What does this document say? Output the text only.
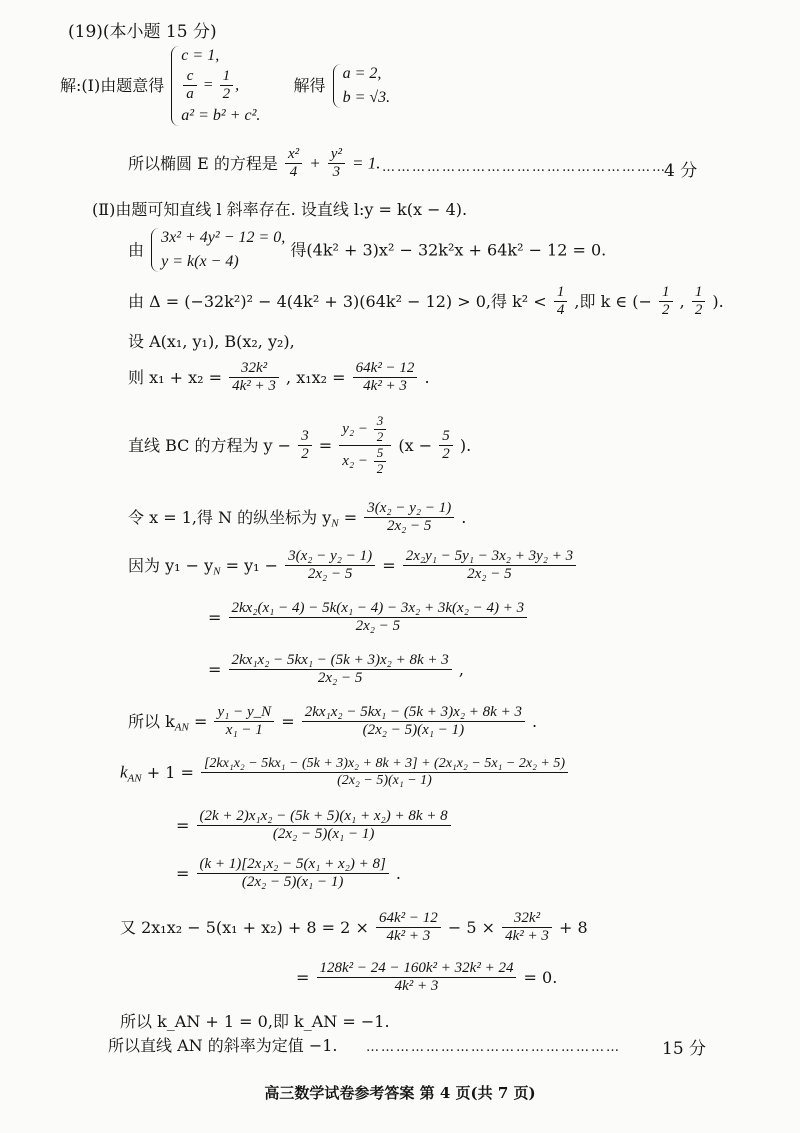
(19)(本小题 15 分)
解:(Ⅰ)由题意得
c = 1,
$\frac{c}{a} = \frac{1}{2}$ ,
a² = b² + c².
解得
a = 2,
b = √3.
所以椭圆 E 的方程是 $\frac{\text{x²}}{4} + \frac{\text{y²}}{3} = 1$. …………………………………………………
4 分
(Ⅱ)由题可知直线 l 斜率存在. 设直线 l:y = k(x − 4).
由
3x² + 4y² − 12 = 0,
y = k(x − 4)
得(4k² + 3)x² − 32k²x + 64k² − 12 = 0.
由 Δ = (−32k²)² − 4(4k² + 3)(64k² − 12) > 0,得 $k^2 < \frac{1}{4}$ ,即 k ∈ (− $\frac{1}{2}$ , $\frac{1}{2}$ ).
设 A(x₁, y₁), B(x₂, y₂),
则 $x_1 + x_2 = \frac{\text{32k²}}{\text{4k² + 3}}$ , $x_1x_2 = \frac{\text{64k² − 12}}{\text{4k² + 3}}$ .
直线 BC 的方程为 $y - \frac{3}{2} = \frac{y_2 - \frac{3}{2}}{x_2 - \frac{5}{2}} (x - \frac{5}{2}$ ).
令 x = 1,得 N 的纵坐标为 $y_N = \frac{\text{3(x₂ − y₂ − 1)}}{\text{2x₂ − 5}}$ .
因为 $y_1 - y_N = y_1 - \frac{\text{3(x₂ − y₂ − 1)}}{\text{2x₂ − 5}} = \frac{\text{2x₂y₁ − 5y₁ − 3x₂ + 3y₂ + 3}}{\text{2x₂ − 5}}$
= $\frac{\text{2kx₂(x₁ − 4) − 5k(x₁ − 4) − 3x₂ + 3k(x₂ − 4) + 3}}{\text{2x₂ − 5}}$
= $\frac{\text{2kx₁x₂ − 5kx₁ − (5k + 3)x₂ + 8k + 3}}{\text{2x₂ − 5}}$ ,
所以 $k_{AN} = \frac{\text{y₁ − y\_N}}{\text{x₁ − 1}} = \frac{\text{2kx₁x₂ − 5kx₁ − (5k + 3)x₂ + 8k + 3}}{\text{(2x₂ − 5)(x₁ − 1)}}$ .
$k_{AN} + 1 = [2kx_1x_2 - 5kx_1 - (5k + 3)x_2 + 8k + 3] + (2x_1x_2 - 5x_1 - 2x_2 + 5)$
(2x₂ − 5)(x₁ − 1)
= $\frac{\text{(2k + 2)x₁x₂ − (5k + 5)(x₁ + x₂) + 8k + 8}}{\text{(2x₂ − 5)(x₁ − 1)}}$
= $\frac{\text{(k + 1)[2x₁x₂ − 5(x₁ + x₂) + 8]}}{\text{(2x₂ − 5)(x₁ − 1)}}$ .
又 $2x_1x_2 - 5(x_1 + x_2) + 8 = 2 \times \frac{\text{64k² − 12}}{\text{4k² + 3}} - 5 \times \frac{\text{32k²}}{\text{4k² + 3}} + 8$
= $\frac{\text{128k² − 24 − 160k² + 32k² + 24}}{\text{4k² + 3}} = 0$.
所以 k_AN + 1 = 0,即 k_AN = −1.
所以直线 AN 的斜率为定值 −1. …………………………………………… 15 分
高三数学试卷参考答案 第 4 页(共 7 页)
